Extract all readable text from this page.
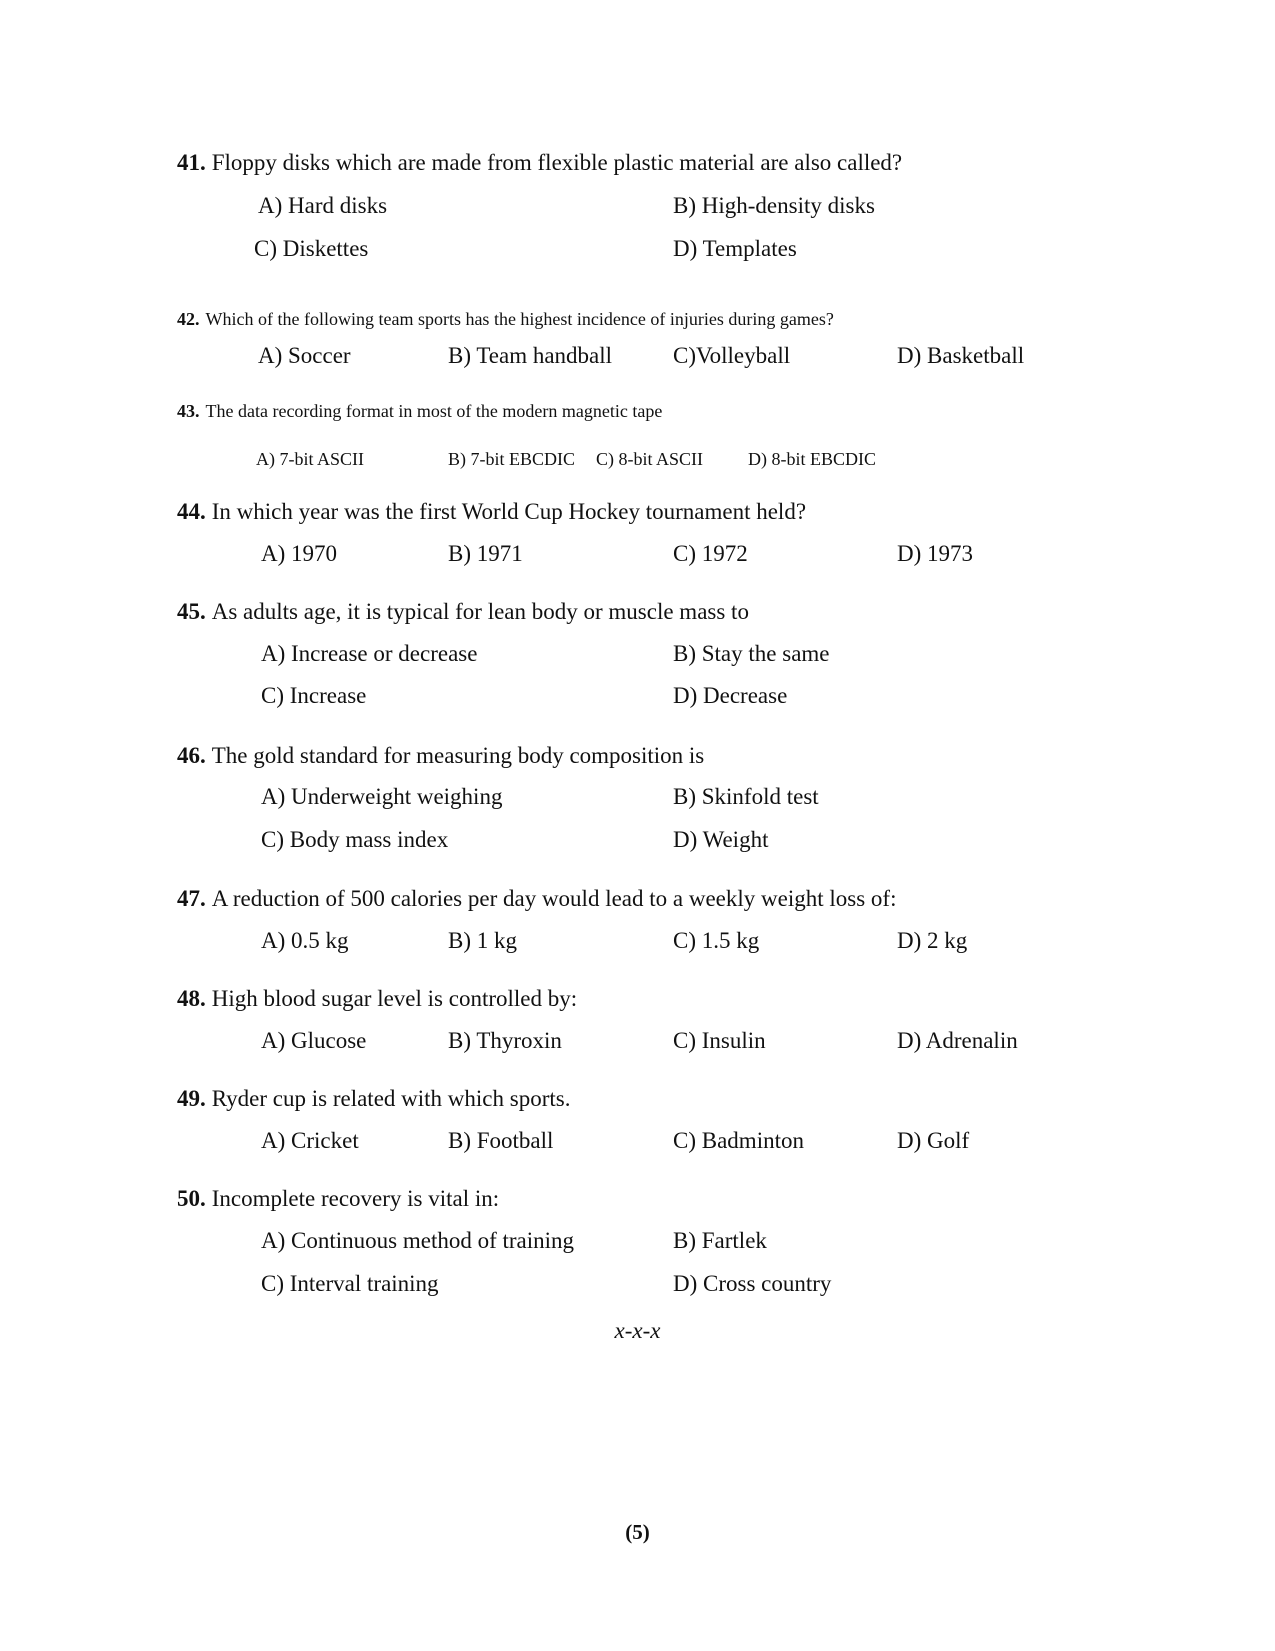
41. Floppy disks which are made from flexible plastic material are also called?
A) Hard disks	B) High-density disks
C) Diskettes	D) Templates
42. Which of the following team sports has the highest incidence of injuries during games?
A) Soccer	B) Team handball	C)Volleyball	D) Basketball
43. The data recording format in most of the modern magnetic tape
A) 7-bit ASCII	B) 7-bit EBCDIC C) 8-bit ASCII D) 8-bit EBCDIC
44. In which year was the first World Cup Hockey tournament held?
A) 1970	B) 1971	C) 1972	D) 1973
45. As adults age, it is typical for lean body or muscle mass to
A) Increase or decrease	B) Stay the same
C) Increase	D) Decrease
46. The gold standard for measuring body composition is
A) Underweight weighing	B) Skinfold test
C) Body mass index	D) Weight
47. A reduction of 500 calories per day would lead to a weekly weight loss of:
A) 0.5 kg	B) 1 kg	C) 1.5 kg	D) 2 kg
48. High blood sugar level is controlled by:
A) Glucose	B) Thyroxin	C) Insulin	D) Adrenalin
49. Ryder cup is related with which sports.
A) Cricket	B) Football	C) Badminton	D) Golf
50. Incomplete recovery is vital in:
A) Continuous method of training	B) Fartlek
C) Interval training	D) Cross country
x-x-x
(5)
